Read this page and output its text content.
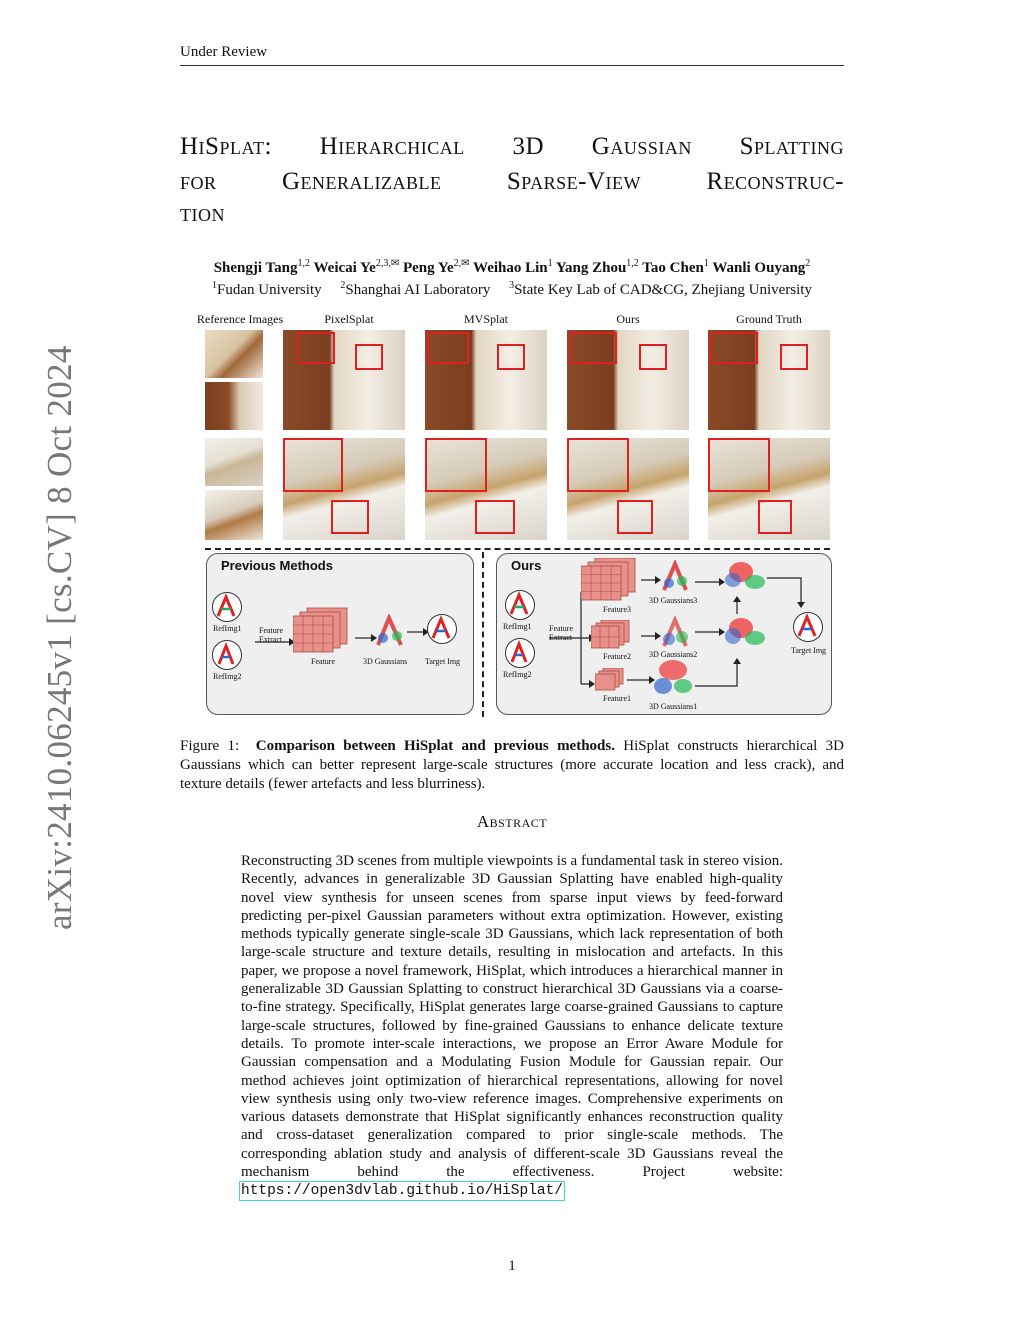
Under Review
arXiv:2410.06245v1 [cs.CV] 8 Oct 2024
HiSplat: Hierarchical 3D Gaussian Splatting
for Generalizable Sparse-View Reconstruc-
tion
Shengji Tang$^{1,2}$ Weicai $Ye^{2,3,✉}$ Peng $Ye^{2,✉}$ Weihao Lin$^1$ Yang Zhou$^{1,2}$ Tao Chen$^1$ Wanli Ouyang$^2$
$^1$Fudan University $^2$Shanghai AI Laboratory $^3$State Key Lab of CAD&CG, Zhejiang University
Reference Images	PixelSplat	MVSplat	Ours	Ground Truth
Previous Methods
RefImg1
RefImg2
Feature Extract
Feature	3D Gaussians Target Img
Ours
RefImg1
RefImg2
Feature Extract
Feature3
Feature2
Feature1
3D Gaussians3
3D Gaussians2
3D Gaussians1
Target Img
Figure 1: Comparison between HiSplat and previous methods. HiSplat constructs hierarchical 3D Gaussians which can better represent large-scale structures (more accurate location and less crack), and texture details (fewer artefacts and less blurriness).
Abstract
Reconstructing 3D scenes from multiple viewpoints is a fundamental task in stereo vision. Recently, advances in generalizable 3D Gaussian Splatting have enabled high-quality novel view synthesis for unseen scenes from sparse input views by feed-forward predicting per-pixel Gaussian parameters without extra optimization. However, existing methods typically generate single-scale 3D Gaussians, which lack representation of both large-scale structure and texture details, resulting in mislocation and artefacts. In this paper, we propose a novel framework, HiSplat, which introduces a hierarchical manner in generalizable 3D Gaussian Splatting to construct hierarchical 3D Gaussians via a coarse-to-fine strategy. Specifically, HiSplat generates large coarse-grained Gaussians to capture large-scale structures, followed by fine-grained Gaussians to enhance delicate texture details. To promote inter-scale interactions, we propose an Error Aware Module for Gaussian compensation and a Modulating Fusion Module for Gaussian repair. Our method achieves joint optimization of hierarchical representations, allowing for novel view synthesis using only two-view reference images. Comprehensive experiments on various datasets demonstrate that HiSplat significantly enhances reconstruction quality and cross-dataset generalization compared to prior single-scale methods. The corresponding ablation study and analysis of different-scale 3D Gaussians reveal the mechanism behind the effectiveness. Project website: https://open3dvlab.github.io/HiSplat/
1
